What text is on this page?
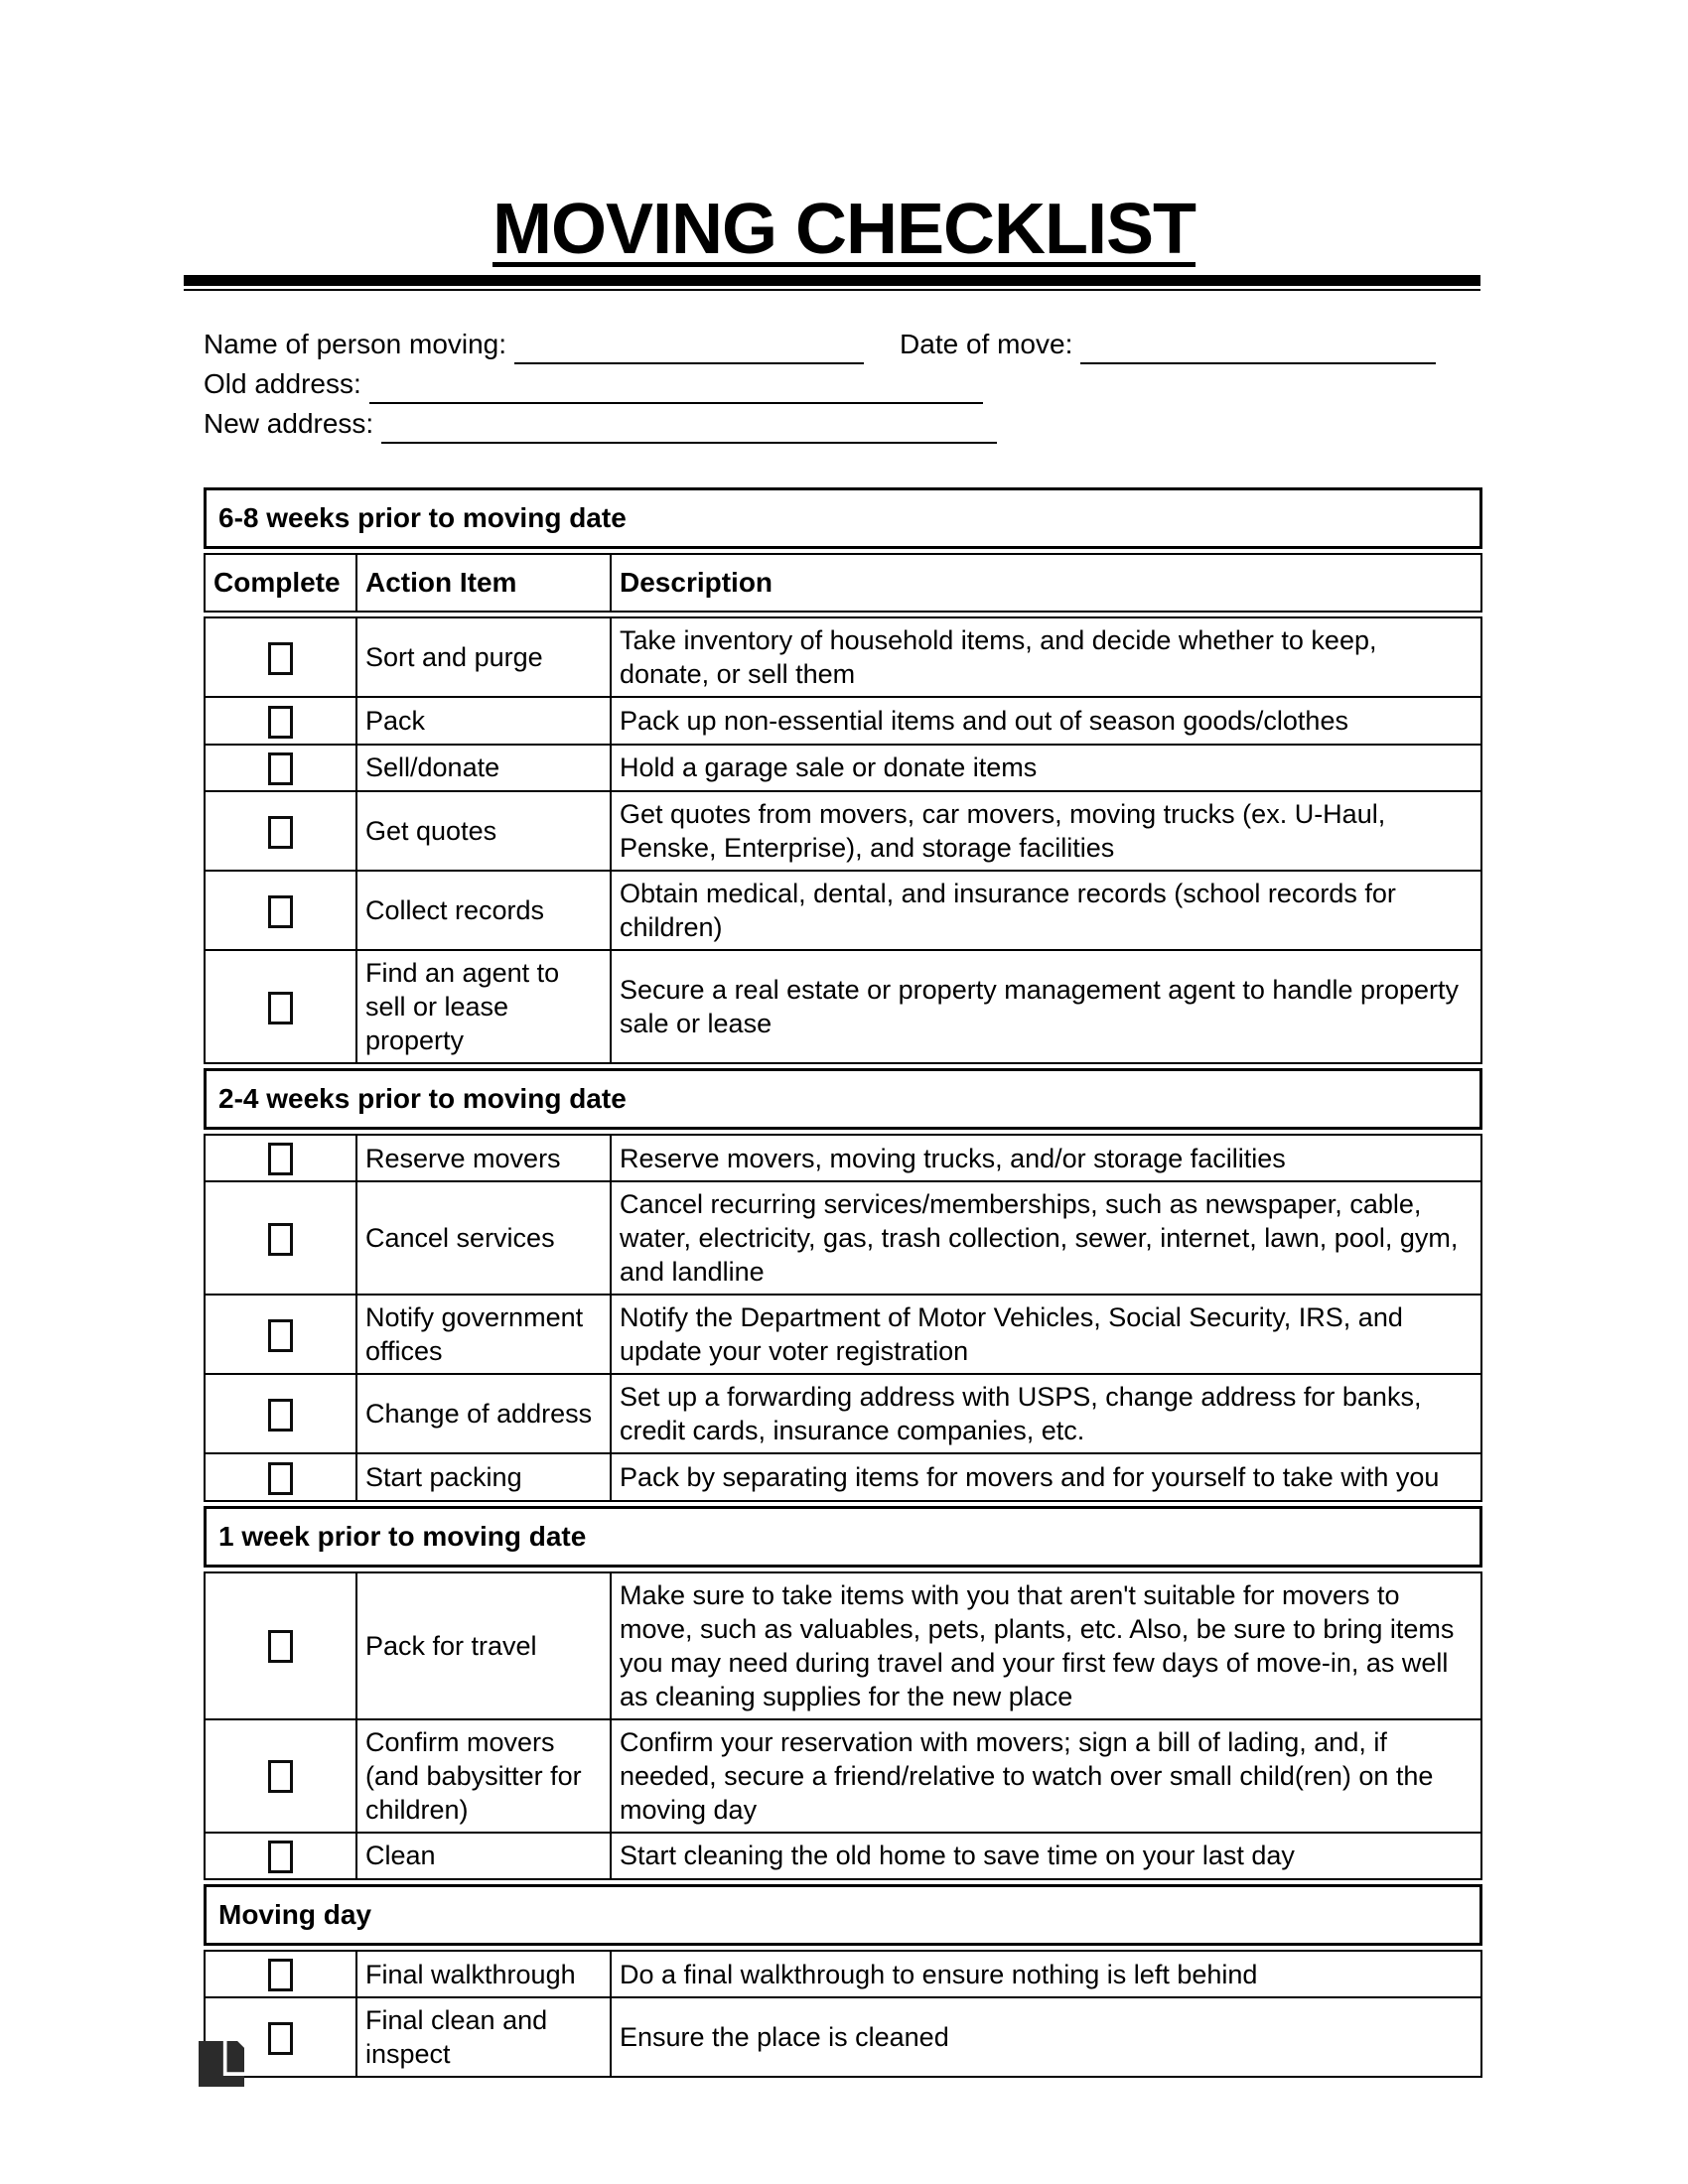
MOVING CHECKLIST
Name of person moving:	Date of move:
Old address:
New address:
6-8 weeks prior to moving date
Complete	Action Item	Description
	Sort and purge	Take inventory of household items, and decide whether to keep, donate, or sell them
	Pack	Pack up non-essential items and out of season goods/clothes
	Sell/donate	Hold a garage sale or donate items
	Get quotes	Get quotes from movers, car movers, moving trucks (ex. U-Haul, Penske, Enterprise), and storage facilities
	Collect records	Obtain medical, dental, and insurance records (school records for children)
	Find an agent to sell or lease property	Secure a real estate or property management agent to handle property sale or lease
2-4 weeks prior to moving date
	Reserve movers	Reserve movers, moving trucks, and/or storage facilities
	Cancel services	Cancel recurring services/memberships, such as newspaper, cable, water, electricity, gas, trash collection, sewer, internet, lawn, pool, gym, and landline
	Notify government offices	Notify the Department of Motor Vehicles, Social Security, IRS, and update your voter registration
	Change of address	Set up a forwarding address with USPS, change address for banks, credit cards, insurance companies, etc.
	Start packing	Pack by separating items for movers and for yourself to take with you
1 week prior to moving date
	Pack for travel	Make sure to take items with you that aren't suitable for movers to move, such as valuables, pets, plants, etc. Also, be sure to bring items you may need during travel and your first few days of move-in, as well as cleaning supplies for the new place
	Confirm movers (and babysitter for children)	Confirm your reservation with movers; sign a bill of lading, and, if needed, secure a friend/relative to watch over small child(ren) on the moving day
	Clean	Start cleaning the old home to save time on your last day
Moving day
	Final walkthrough	Do a final walkthrough to ensure nothing is left behind
	Final clean and inspect	Ensure the place is cleaned
